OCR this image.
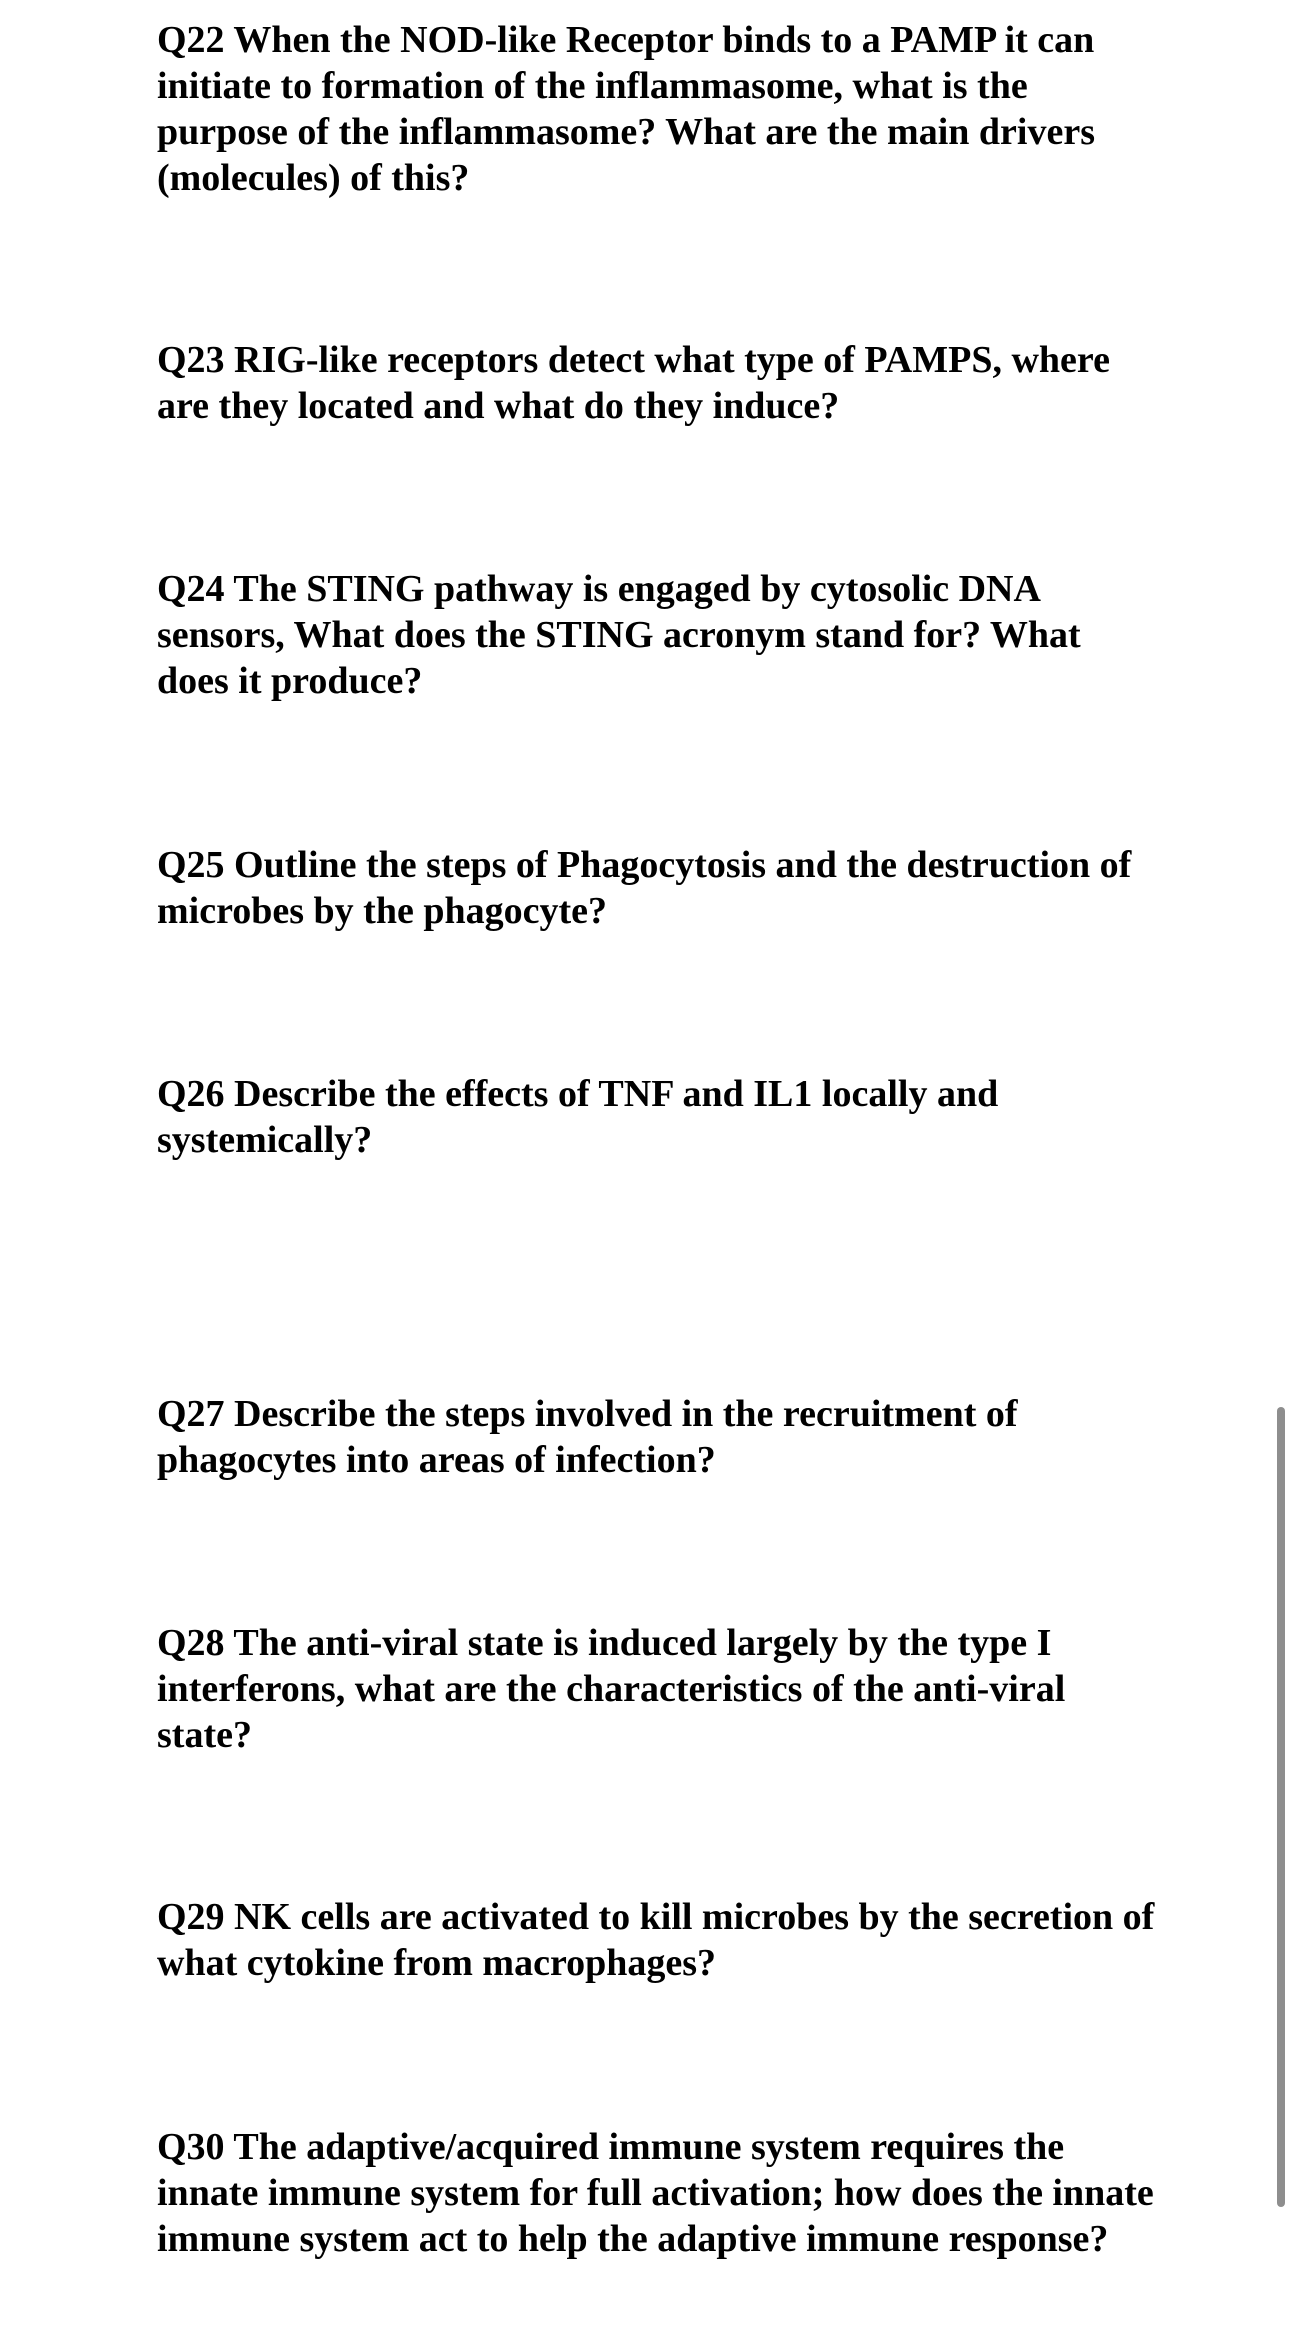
Q22 When the NOD-like Receptor binds to a PAMP it can initiate to formation of the inflammasome, what is the purpose of the inflammasome? What are the main drivers (molecules) of this?

Q23 RIG-like receptors detect what type of PAMPS, where are they located and what do they induce?

Q24 The STING pathway is engaged by cytosolic DNA sensors, What does the STING acronym stand for? What does it produce?

Q25 Outline the steps of Phagocytosis and the destruction of microbes by the phagocyte?

Q26 Describe the effects of TNF and IL1 locally and systemically?

Q27 Describe the steps involved in the recruitment of phagocytes into areas of infection?

Q28 The anti-viral state is induced largely by the type I interferons, what are the characteristics of the anti-viral state?

Q29 NK cells are activated to kill microbes by the secretion of what cytokine from macrophages?

Q30 The adaptive/acquired immune system requires the innate immune system for full activation; how does the innate immune system act to help the adaptive immune response?
